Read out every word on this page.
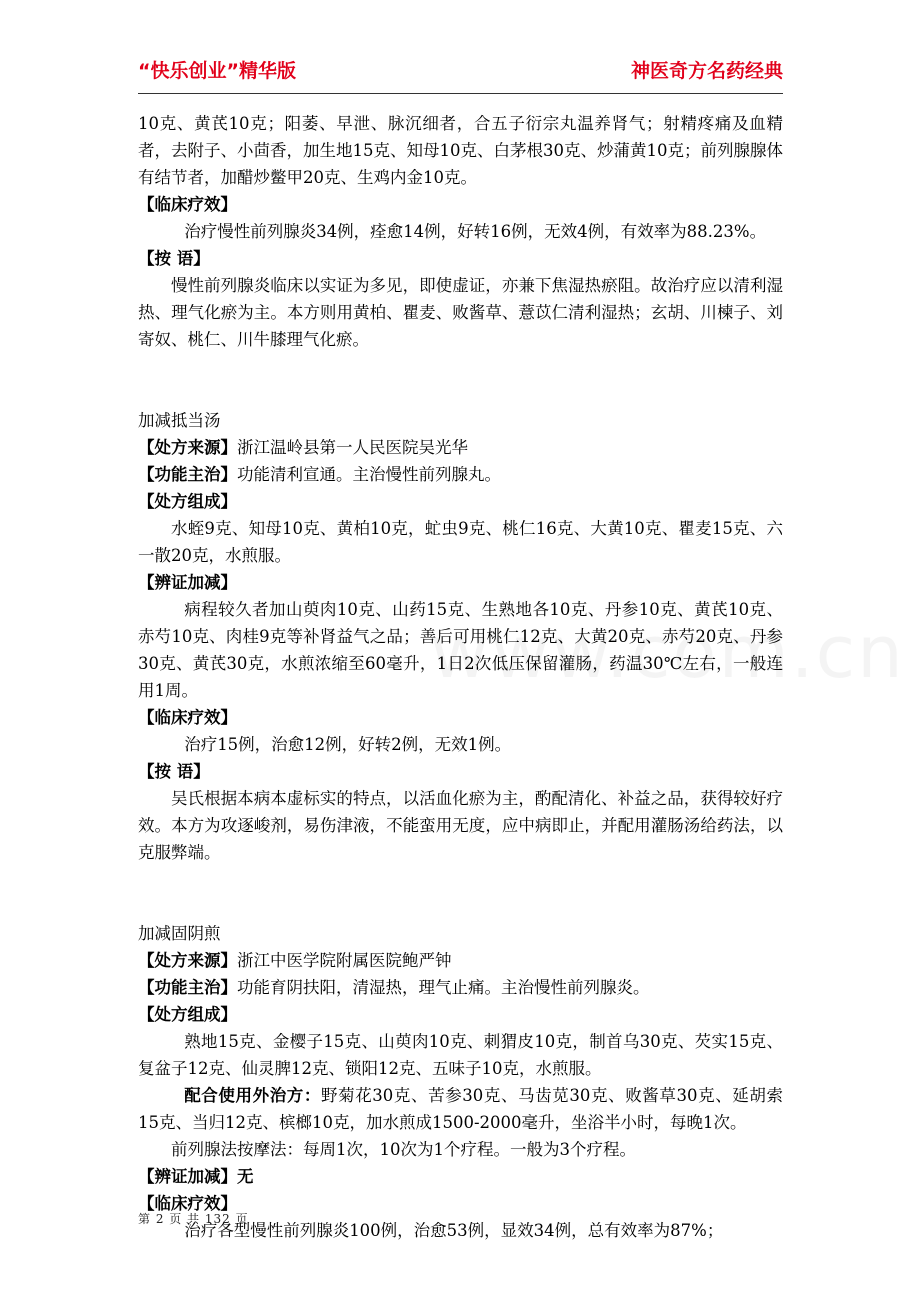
“快乐创业”精华版	神医奇方名药经典

10克、黄芪10克；阳萎、早泄、脉沉细者，合五子衍宗丸温养肾气；射精疼痛及血精者，去附子、小茴香，加生地15克、知母10克、白茅根30克、炒蒲黄10克；前列腺腺体有结节者，加醋炒鳖甲20克、生鸡内金10克。

【临床疗效】

治疗慢性前列腺炎34例，痊愈14例，好转16例，无效4例，有效率为88.23%。

【按 语】

慢性前列腺炎临床以实证为多见，即使虚证，亦兼下焦湿热瘀阻。故治疗应以清利湿热、理气化瘀为主。本方则用黄柏、瞿麦、败酱草、薏苡仁清利湿热；玄胡、川楝子、刘寄奴、桃仁、川牛膝理气化瘀。

加减抵当汤

【处方来源】浙江温岭县第一人民医院吴光华

【功能主治】功能清利宣通。主治慢性前列腺丸。

【处方组成】

水蛭9克、知母10克、黄柏10克，虻虫9克、桃仁16克、大黄10克、瞿麦15克、六一散20克，水煎服。

【辨证加减】

病程较久者加山萸肉10克、山药15克、生熟地各10克、丹参10克、黄芪10克、赤芍10克、肉桂9克等补肾益气之品；善后可用桃仁12克、大黄20克、赤芍20克、丹参30克、黄芪30克，水煎浓缩至60毫升，1日2次低压保留灌肠，药温30℃左右，一般连用1周。

【临床疗效】

治疗15例，治愈12例，好转2例，无效1例。

【按 语】

吴氏根据本病本虚标实的特点，以活血化瘀为主，酌配清化、补益之品，获得较好疗效。本方为攻逐峻剂，易伤津液，不能蛮用无度，应中病即止，并配用灌肠汤给药法，以克服弊端。

加减固阴煎

【处方来源】浙江中医学院附属医院鲍严钟

【功能主治】功能育阴扶阳，清湿热，理气止痛。主治慢性前列腺炎。

【处方组成】

熟地15克、金樱子15克、山萸肉10克、刺猬皮10克，制首乌30克、芡实15克、复盆子12克、仙灵脾12克、锁阳12克、五味子10克，水煎服。

配合使用外治方：野菊花30克、苦参30克、马齿苋30克、败酱草30克、延胡索15克、当归12克、槟榔10克，加水煎成1500-2000毫升，坐浴半小时，每晚1次。

前列腺法按摩法：每周1次，10次为1个疗程。一般为3个疗程。

【辨证加减】无

【临床疗效】

治疗各型慢性前列腺炎100例，治愈53例，显效34例，总有效率为87%；

第 2 页 共 132 页
